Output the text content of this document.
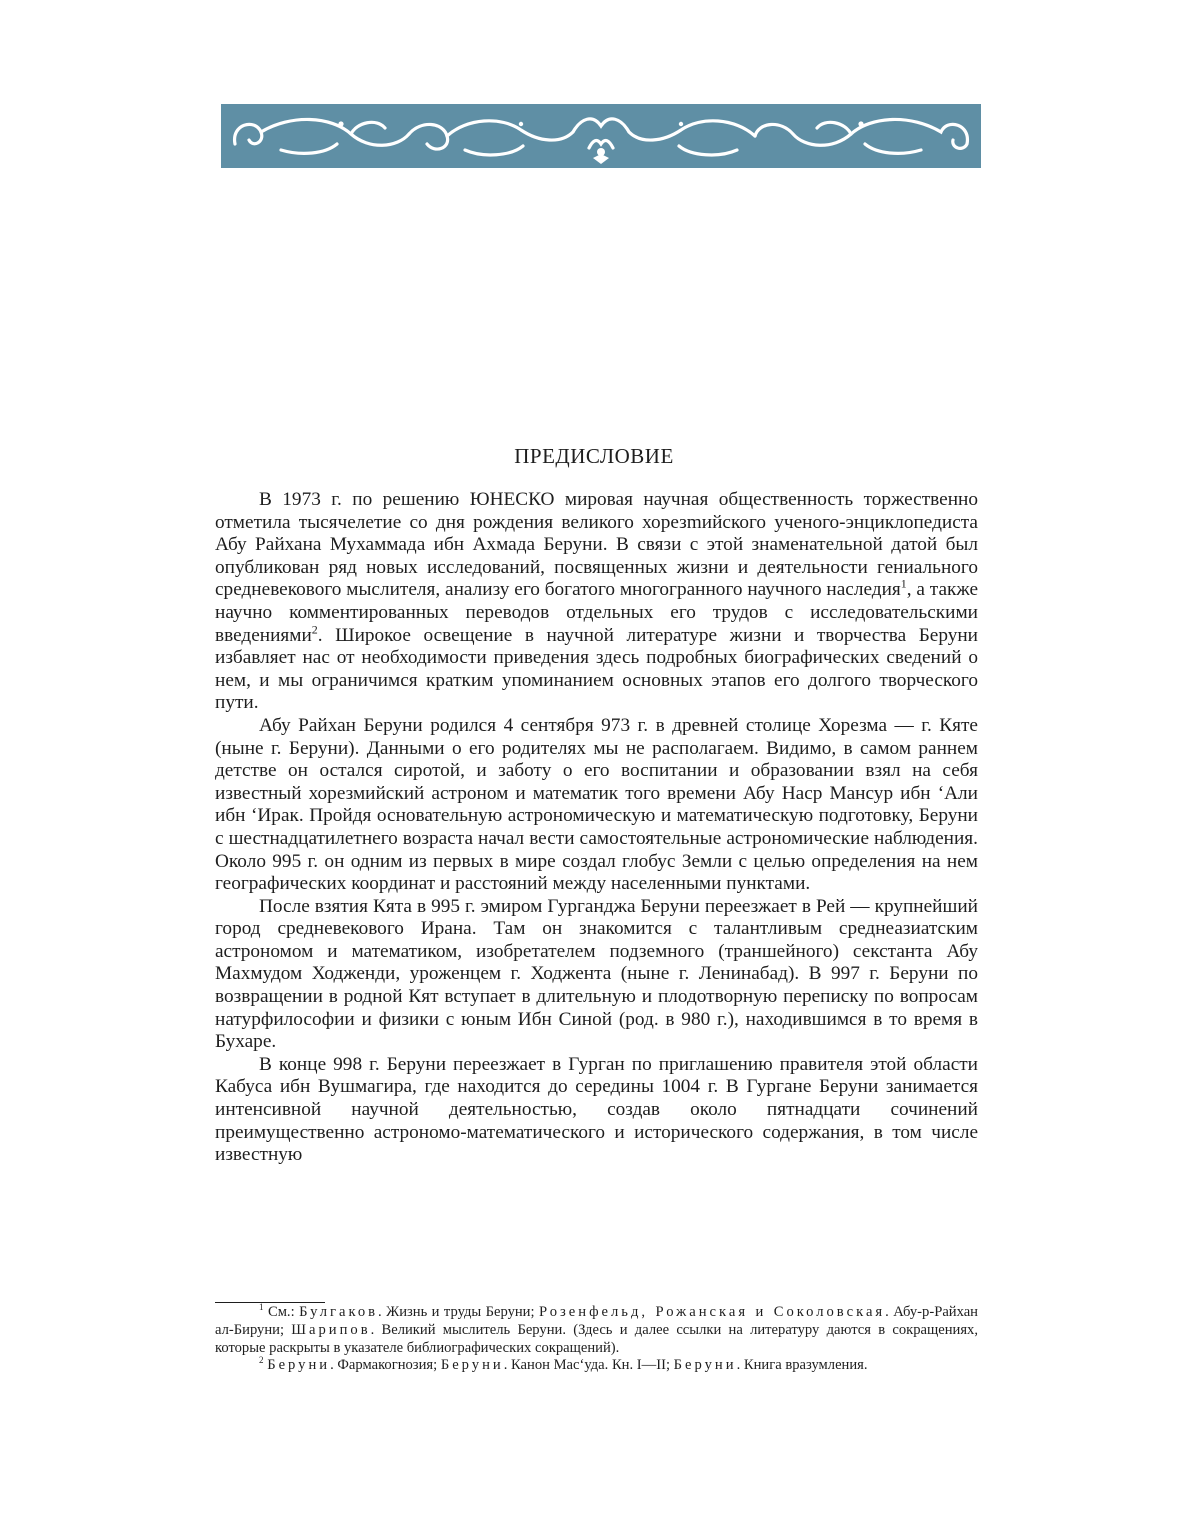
ПРЕДИСЛОВИЕ

В 1973 г. по решению ЮНЕСКО мировая научная общественность торжественно отметила тысячелетие со дня рождения великого хорезmийского ученого-энциклопедиста Абу Райхана Мухаммада ибн Ахмада Беруни. В связи с этой знаменательной датой был опубликован ряд новых исследований, посвященных жизни и деятельности гениального средневекового мыслителя, анализу его богатого многогранного научного наследия$^1$, а также научно комментированных переводов отдельных его трудов с исследовательскими введениями$^2$. Широкое освещение в научной литературе жизни и творчества Беруни избавляет нас от необходимости приведения здесь подробных биографических сведений о нем, и мы ограничимся кратким упоминанием основных этапов его долгого творческого пути.

Абу Райхан Беруни родился 4 сентября 973 г. в древней столице Хорезма — г. Кяте (ныне г. Беруни). Данными о его родителях мы не располагаем. Видимо, в самом раннем детстве он остался сиротой, и заботу о его воспитании и образовании взял на себя известный хорезмийский астроном и математик того времени Абу Наср Мансур ибн ‘Али ибн ‘Ирак. Пройдя основательную астрономическую и математическую подготовку, Беруни с шестнадцатилетнего возраста начал вести самостоятельные астрономические наблюдения. Около 995 г. он одним из первых в мире создал глобус Земли с целью определения на нем географических координат и расстояний между населенными пунктами.

После взятия Кята в 995 г. эмиром Гурганджа Беруни переезжает в Рей — крупнейший город средневекового Ирана. Там он знакомится с талантливым среднеазиатским астрономом и математиком, изобретателем подземного (траншейного) секстанта Абу Махмудом Ходженди, уроженцем г. Ходжента (ныне г. Ленинабад). В 997 г. Беруни по возвращении в родной Кят вступает в длительную и плодотворную переписку по вопросам натурфилософии и физики с юным Ибн Синой (род. в 980 г.), находившимся в то время в Бухаре.

В конце 998 г. Беруни переезжает в Гурган по приглашению правителя этой области Кабуса ибн Вушмагира, где находится до середины 1004 г. В Гургане Беруни занимается интенсивной научной деятельностью, создав около пятнадцати сочинений преимущественно астрономо-математического и исторического содержания, в том числе известную

$^1$ См.: Булгаков. Жизнь и труды Беруни; Розенфельд, Рожанская и Соколовская. Абу-р-Райхан ал-Бируни; Шарипов. Великий мыслитель Беруни. (Здесь и далее ссылки на литературу даются в сокращениях, которые раскрыты в указателе библиографических сокращений).

$^2$ Беруни. Фармакогнозия; Беруни. Канон Мас‘уда. Кн. I—II; Беруни. Книга вразумления.
